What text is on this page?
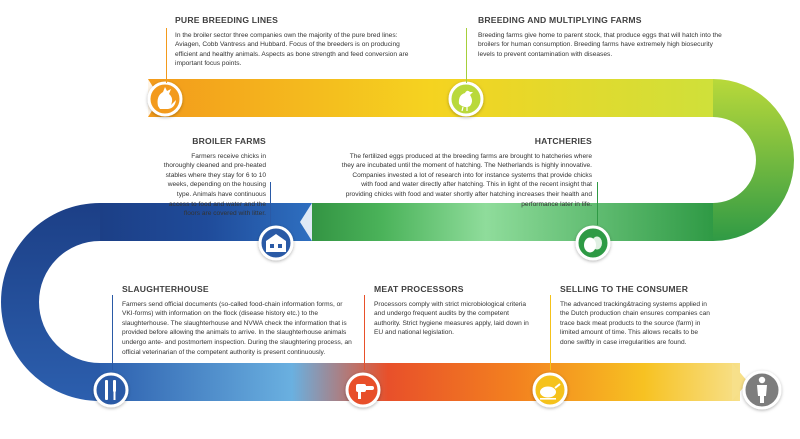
PURE BREEDING LINES

In the broiler sector three companies own the majority of the pure bred lines: Aviagen, Cobb Vantress and Hubbard. Focus of the breeders is on producing efficient and healthy animals. Aspects as bone strength and feed conversion are important focus points.

BREEDING AND MULTIPLYING FARMS

Breeding farms give home to parent stock, that produce eggs that will hatch into the broilers for human consumption. Breeding farms have extremely high biosecurity levels to prevent contamination with diseases.

HATCHERIES

The fertilized eggs produced at the breeding farms are brought to hatcheries where they are incubated until the moment of hatching. The Netherlands is highly innovative. Companies invested a lot of research into for instance systems that provide chicks with food and water directly after hatching. This in light of the recent insight that providing chicks with food and water shortly after hatching increases their health and performance later in life.

BROILER FARMS

Farmers receive chicks in thoroughly cleaned and pre-heated stables where they stay for 6 to 10 weeks, depending on the housing type. Animals have continuous access to food and water and the floors are covered with litter.

SLAUGHTERHOUSE

Farmers send official documents (so-called food-chain information forms, or VKI-forms) with information on the flock (disease history etc.) to the slaughterhouse. The slaughterhouse and NVWA check the information that is provided before allowing the animals to arrive. In the slaughterhouse animals undergo ante- and postmortem inspection. During the slaughtering process, an official veterinarian of the competent authority is present continuously.

MEAT PROCESSORS

Processors comply with strict microbiological criteria and undergo frequent audits by the competent authority. Strict hygiene measures apply, laid down in EU and national legislation.

SELLING TO THE CONSUMER

The advanced tracking&tracing systems applied in the Dutch production chain ensures companies can trace back meat products to the source (farm) in limited amount of time. This allows recalls to be done swiftly in case irregularities are found.
